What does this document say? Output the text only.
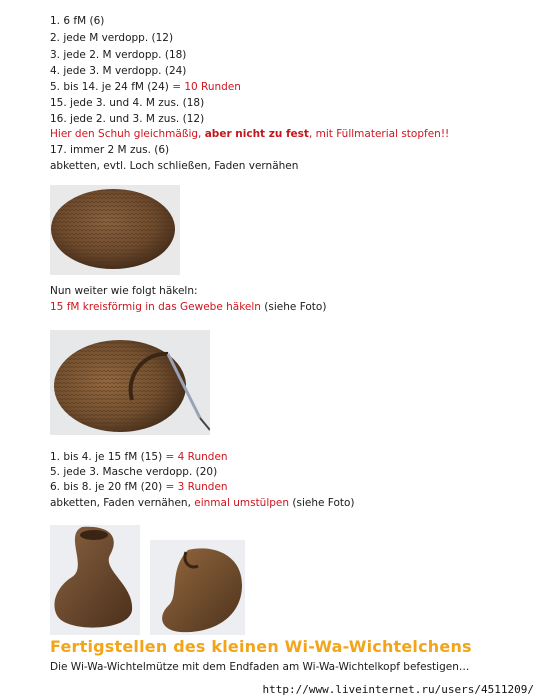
1. 6 fM (6)
2. jede M verdopp. (12)
3. jede 2. M verdopp. (18)
4. jede 3. M verdopp. (24)
5. bis 14. je 24 fM (24) = 10 Runden
15. jede 3. und 4. M zus. (18)
16. jede 2. und 3. M zus. (12)
Hier den Schuh gleichmäßig, aber nicht zu fest, mit Füllmaterial stopfen!!
17. immer 2 M zus. (6)
abketten, evtl. Loch schließen, Faden vernähen
Nun weiter wie folgt häkeln:
15 fM kreisförmig in das Gewebe häkeln (siehe Foto)
1. bis 4. je 15 fM (15) = 4 Runden
5. jede 3. Masche verdopp. (20)
6. bis 8. je 20 fM (20) = 3 Runden
abketten, Faden vernähen, einmal umstülpen (siehe Foto)
Fertigstellen des kleinen Wi-Wa-Wichtelchens
Die Wi-Wa-Wichtelmütze mit dem Endfaden am Wi-Wa-Wichtelkopf befestigen…
http://www.liveinternet.ru/users/4511209/
